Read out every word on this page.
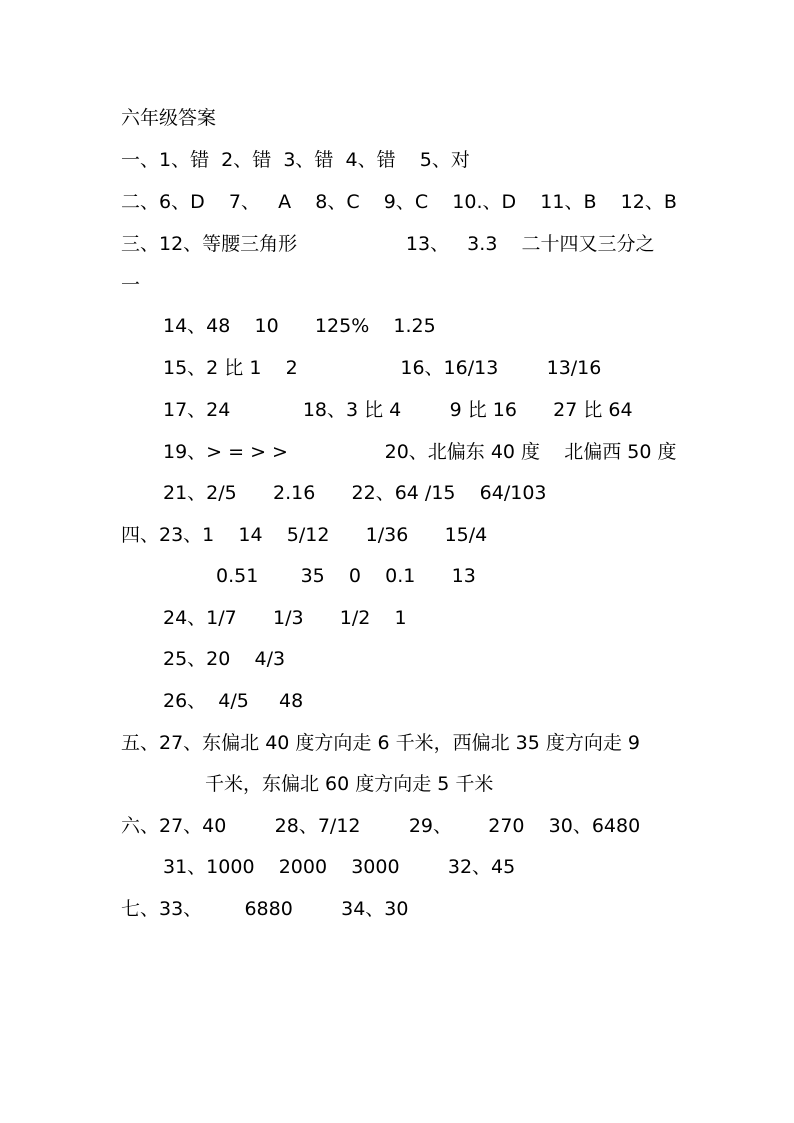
六年级答案

一、1、错  2、错  3、错  4、错    5、对

二、6、D    7、   A    8、C    9、C    10.、D    11、B    12、B

三、12、等腰三角形                  13、   3.3    二十四又三分之

一

14、48    10      125%    1.25

15、2 比 1    2                 16、16/13        13/16

17、24            18、3 比 4        9 比 16      27 比 64

19、> = > >                20、北偏东 40 度    北偏西 50 度

21、2/5      2.16      22、64 /15    64/103

四、23、1    14    5/12      1/36      15/4

0.51       35    0    0.1      13

24、1/7      1/3      1/2    1

25、20    4/3

26、  4/5     48

五、27、东偏北 40 度方向走 6 千米，西偏北 35 度方向走 9

千米，东偏北 60 度方向走 5 千米

六、27、40        28、7/12        29、      270    30、6480

31、1000    2000    3000        32、45

七、33、       6880        34、30
